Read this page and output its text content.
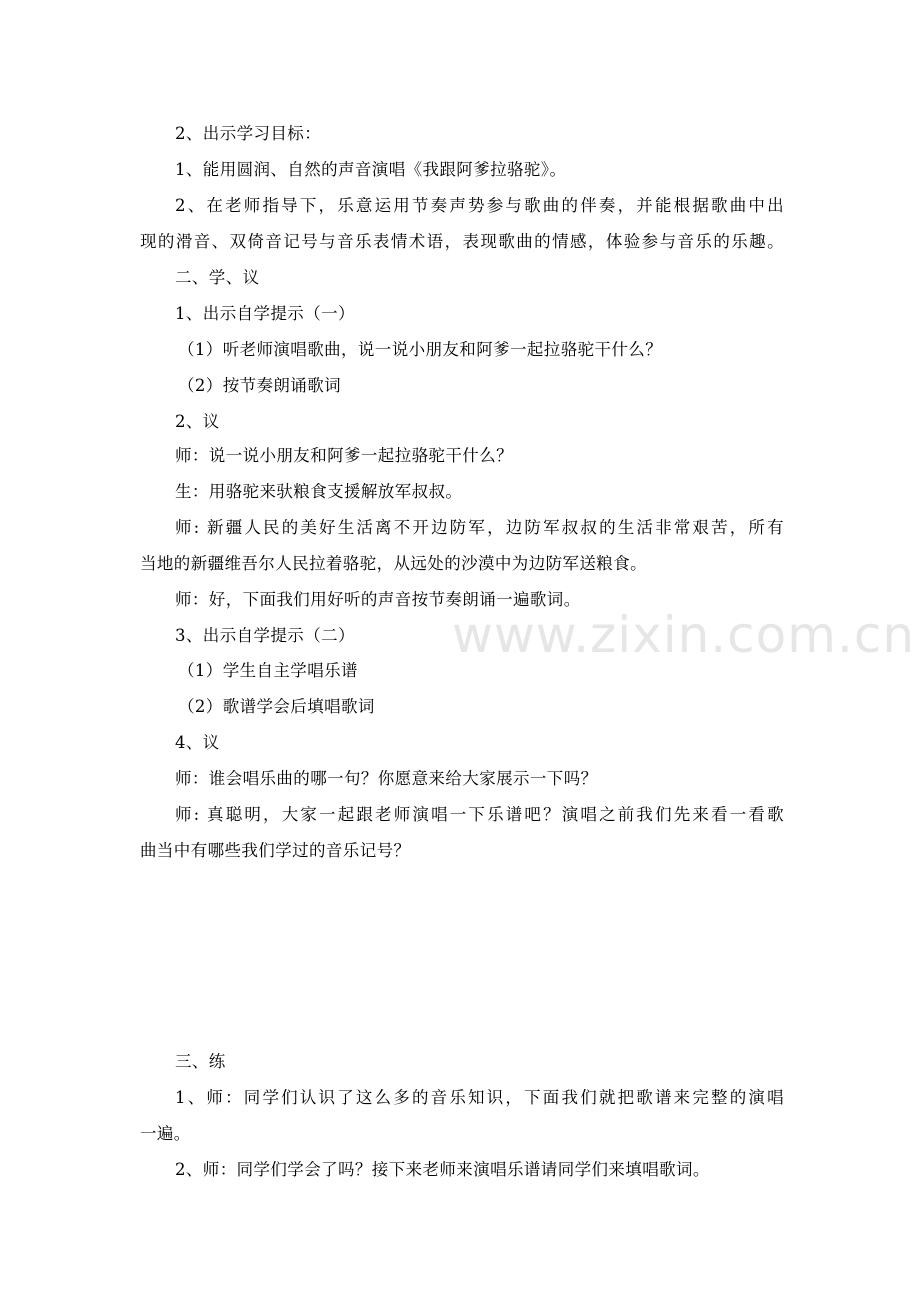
www.zixin.com.cn
2、出示学习目标：
1、能用圆润、自然的声音演唱《我跟阿爹拉骆驼》。
2、在老师指导下，乐意运用节奏声势参与歌曲的伴奏，并能根据歌曲中出
现的滑音、双倚音记号与音乐表情术语，表现歌曲的情感，体验参与音乐的乐趣。
二、学、议
1、出示自学提示（一）
（1）听老师演唱歌曲，说一说小朋友和阿爹一起拉骆驼干什么？
（2）按节奏朗诵歌词
2、议
师：说一说小朋友和阿爹一起拉骆驼干什么？
生：用骆驼来驮粮食支援解放军叔叔。
师: 新疆人民的美好生活离不开边防军，边防军叔叔的生活非常艰苦，所有
当地的新疆维吾尔人民拉着骆驼，从远处的沙漠中为边防军送粮食。
师：好，下面我们用好听的声音按节奏朗诵一遍歌词。
3、出示自学提示（二）
（1）学生自主学唱乐谱
（2）歌谱学会后填唱歌词
4、议
师：谁会唱乐曲的哪一句？你愿意来给大家展示一下吗？
师: 真聪明，大家一起跟老师演唱一下乐谱吧？演唱之前我们先来看一看歌
曲当中有哪些我们学过的音乐记号？
三、练
1、师：同学们认识了这么多的音乐知识，下面我们就把歌谱来完整的演唱
一遍。
2、师：同学们学会了吗？接下来老师来演唱乐谱请同学们来填唱歌词。
